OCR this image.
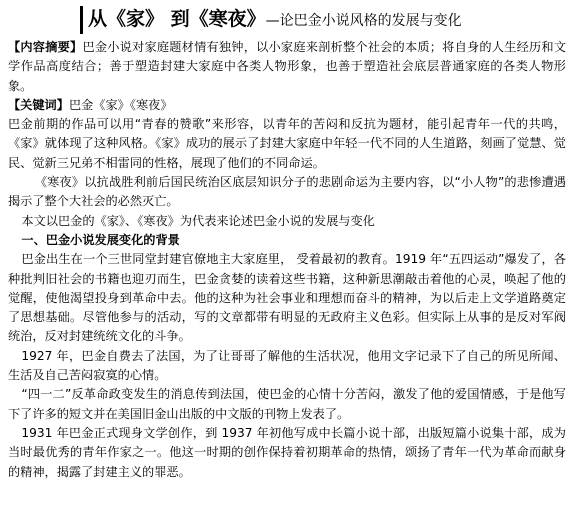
从《家》 到《寒夜》—论巴金小说风格的发展与变化

【内容摘要】巴金小说对家庭题材情有独钟，以小家庭来剖析整个社会的本质；将自身的人生经历和文学作品高度结合；善于塑造封建大家庭中各类人物形象，也善于塑造社会底层普通家庭的各类人物形象。

【关键词】巴金《家》《寒夜》

巴金前期的作品可以用“青春的赞歌”来形容，以青年的苦闷和反抗为题材，能引起青年一代的共鸣，《家》就体现了这种风格。《家》成功的展示了封建大家庭中年轻一代不同的人生道路，刻画了觉慧、觉民、觉新三兄弟不相雷同的性格，展现了他们的不同命运。

《寒夜》以抗战胜利前后国民统治区底层知识分子的悲剧命运为主要内容，以“小人物”的悲惨遭遇揭示了整个大社会的必然灭亡。

本文以巴金的《家》、《寒夜》为代表来论述巴金小说的发展与变化

一、巴金小说发展变化的背景

巴金出生在一个三世同堂封建官僚地主大家庭里， 受着最初的教育。1919 年“五四运动”爆发了，各种批判旧社会的书籍也迎刃而生，巴金贪婪的读着这些书籍，这种新思潮敲击着他的心灵，唤起了他的觉醒，使他渴望投身到革命中去。他的这种为社会事业和理想而奋斗的精神，为以后走上文学道路奠定了思想基础。尽管他参与的活动，写的文章都带有明显的无政府主义色彩。但实际上从事的是反对军阀统治，反对封建统统文化的斗争。

1927 年，巴金自费去了法国，为了让哥哥了解他的生活状况，他用文字记录下了自己的所见所闻、生活及自己苦闷寂寞的心情。

“四一二”反革命政变发生的消息传到法国，使巴金的心情十分苦闷，激发了他的爱国情感，于是他写下了许多的短文并在美国旧金山出版的中文版的刊物上发表了。

1931 年巴金正式现身文学创作，到 1937 年初他写成中长篇小说十部，出版短篇小说集十部，成为当时最优秀的青年作家之一。他这一时期的创作保持着初期革命的热情，颂扬了青年一代为革命而献身的精神，揭露了封建主义的罪恶。
